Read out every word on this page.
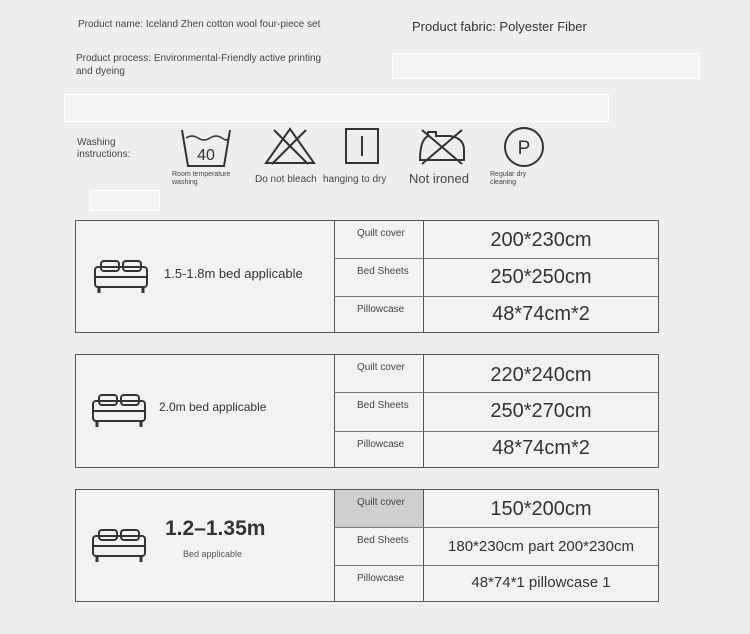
Product name: Iceland Zhen cotton wool four-piece set	Product fabric: Polyester Fiber
Product process: Environmental-Friendly active printing and dyeing
Washing instructions:	40
Room temperature washing	Do not bleach hanging to dry Not ironed
P
Regular dry cleaning
1.5-1.8m bed applicable
Quilt cover	200*230cm
Bed Sheets	250*250cm
Pillowcase	48*74cm*2
2.0m bed applicable
Quilt cover	220*240cm
Bed Sheets	250*270cm
Pillowcase	48*74cm*2
1.2–1.35m
Bed applicable
Quilt cover	150*200cm
Bed Sheets	180*230cm part 200*230cm
Pillowcase	48*74*1 pillowcase 1
